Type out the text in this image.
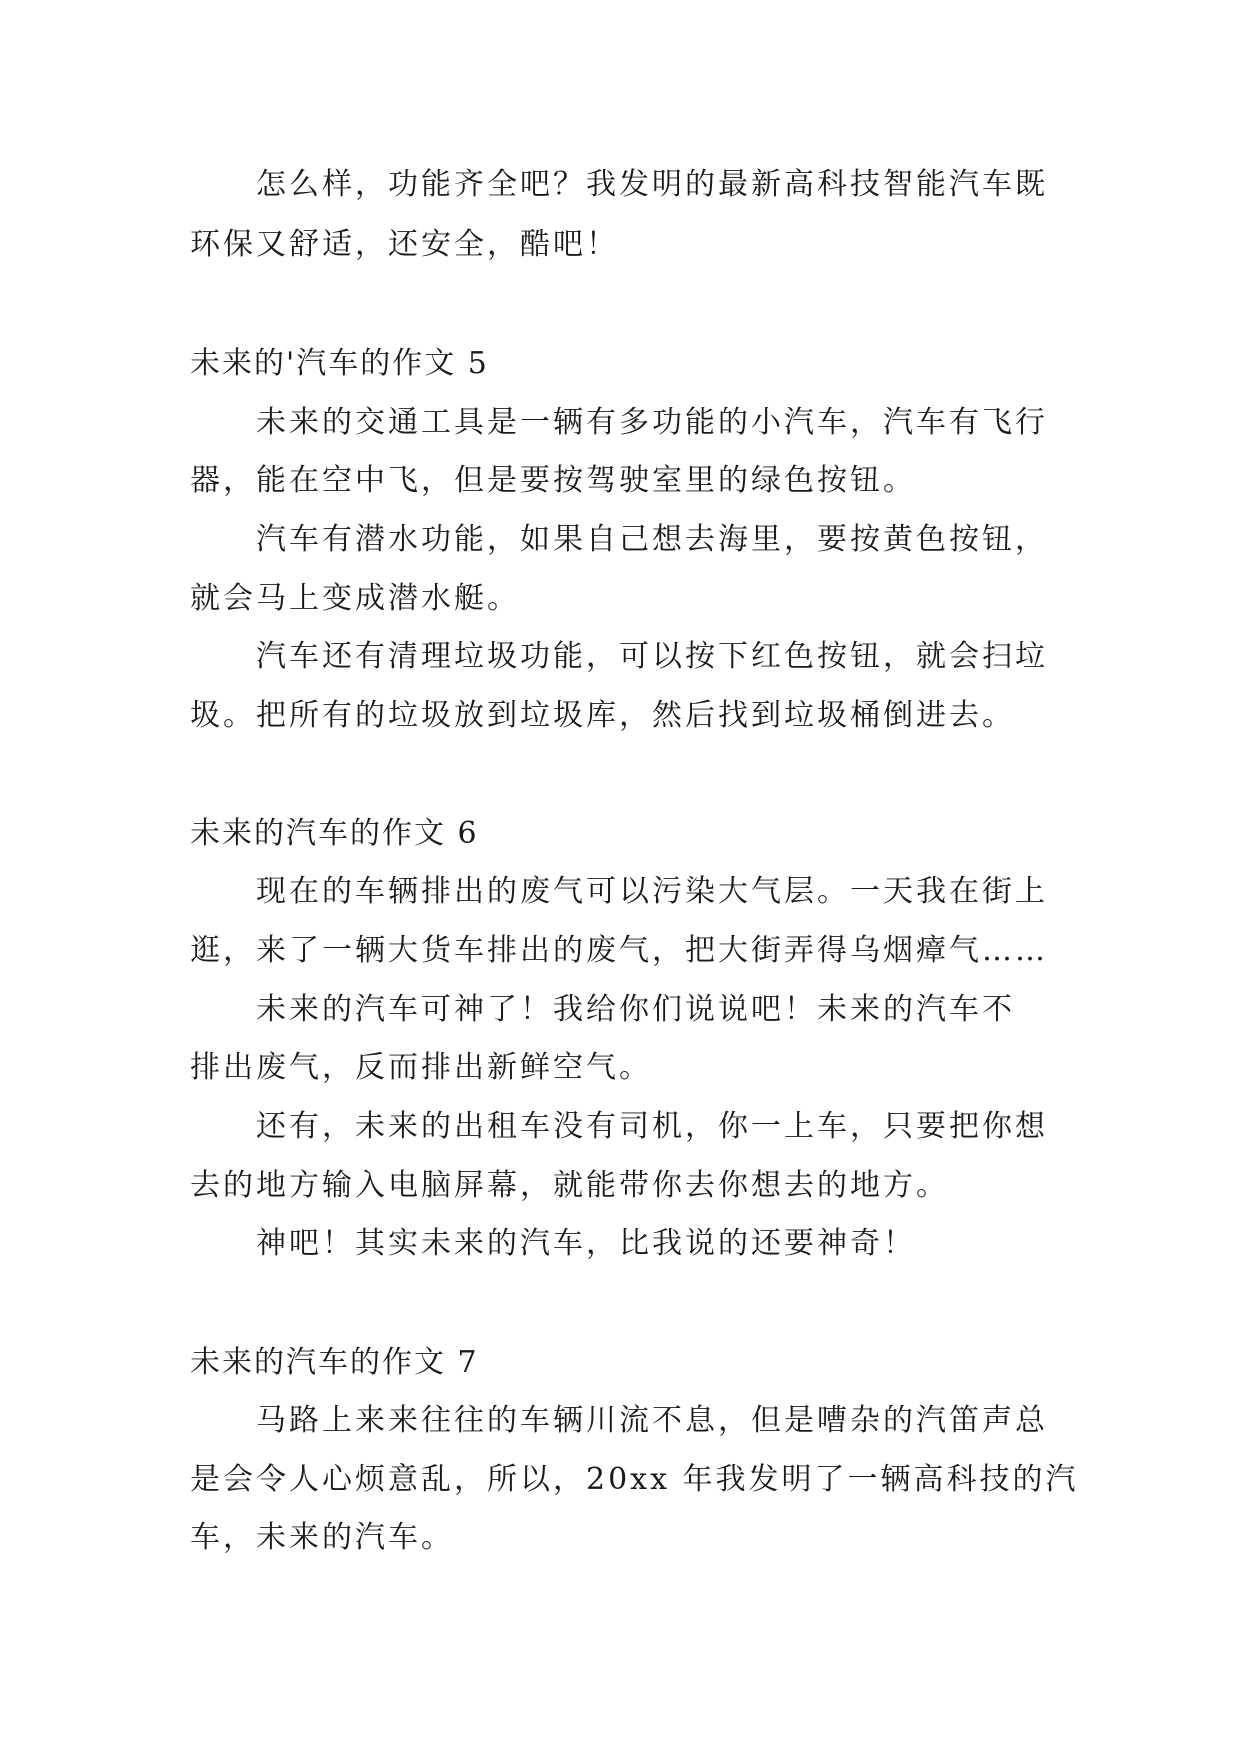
怎么样，功能齐全吧？我发明的最新高科技智能汽车既
环保又舒适，还安全，酷吧！
未来的'汽车的作文 5
未来的交通工具是一辆有多功能的小汽车，汽车有飞行
器，能在空中飞，但是要按驾驶室里的绿色按钮。
汽车有潜水功能，如果自己想去海里，要按黄色按钮，
就会马上变成潜水艇。
汽车还有清理垃圾功能，可以按下红色按钮，就会扫垃
圾。把所有的垃圾放到垃圾库，然后找到垃圾桶倒进去。
未来的汽车的作文 6
现在的车辆排出的废气可以污染大气层。一天我在街上
逛，来了一辆大货车排出的废气，把大街弄得乌烟瘴气……
未来的汽车可神了！我给你们说说吧！未来的汽车不
排出废气，反而排出新鲜空气。
还有，未来的出租车没有司机，你一上车，只要把你想
去的地方输入电脑屏幕，就能带你去你想去的地方。
神吧！其实未来的汽车，比我说的还要神奇！
未来的汽车的作文 7
马路上来来往往的车辆川流不息，但是嘈杂的汽笛声总
是会令人心烦意乱，所以，20xx 年我发明了一辆高科技的汽
车，未来的汽车。
